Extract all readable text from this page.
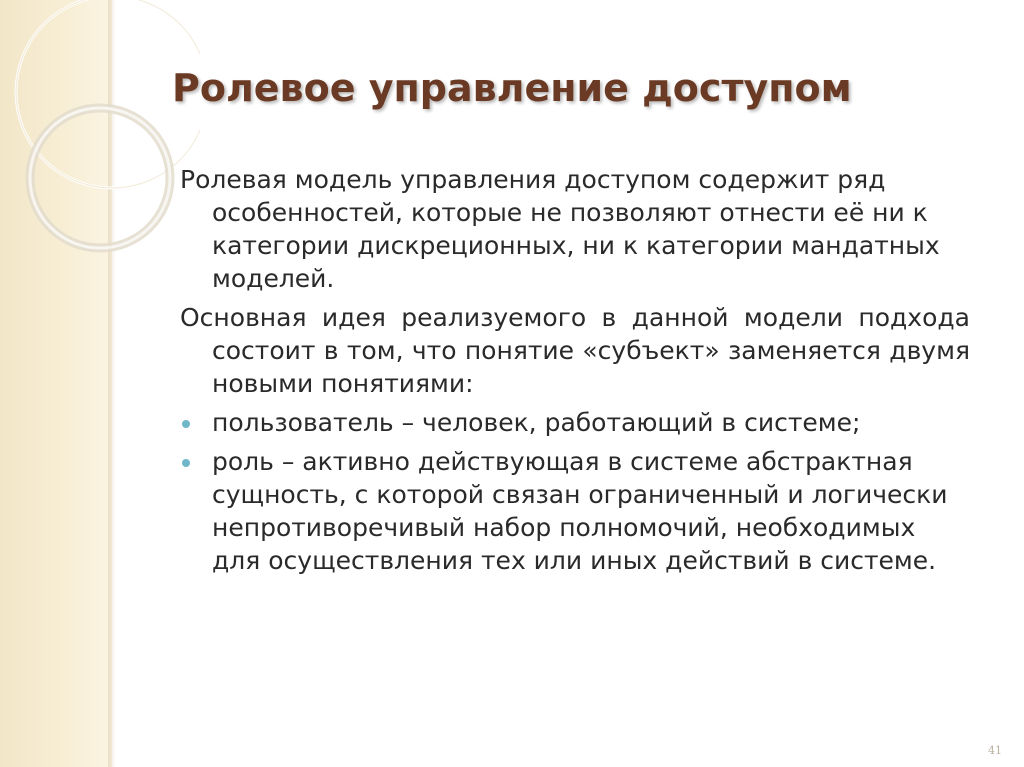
Ролевое управление доступом

Ролевая модель управления доступом содержит ряд особенностей, которые не позволяют отнести её ни к категории дискреционных, ни к категории мандатных моделей.

Основная идея реализуемого в данной модели подхода состоит в том, что понятие «субъект» заменяется двумя новыми понятиями:

пользователь – человек, работающий в системе;
роль – активно действующая в системе абстрактная сущность, с которой связан ограниченный и логически непротиворечивый набор полномочий, необходимых для осуществления тех или иных действий в системе.
41
